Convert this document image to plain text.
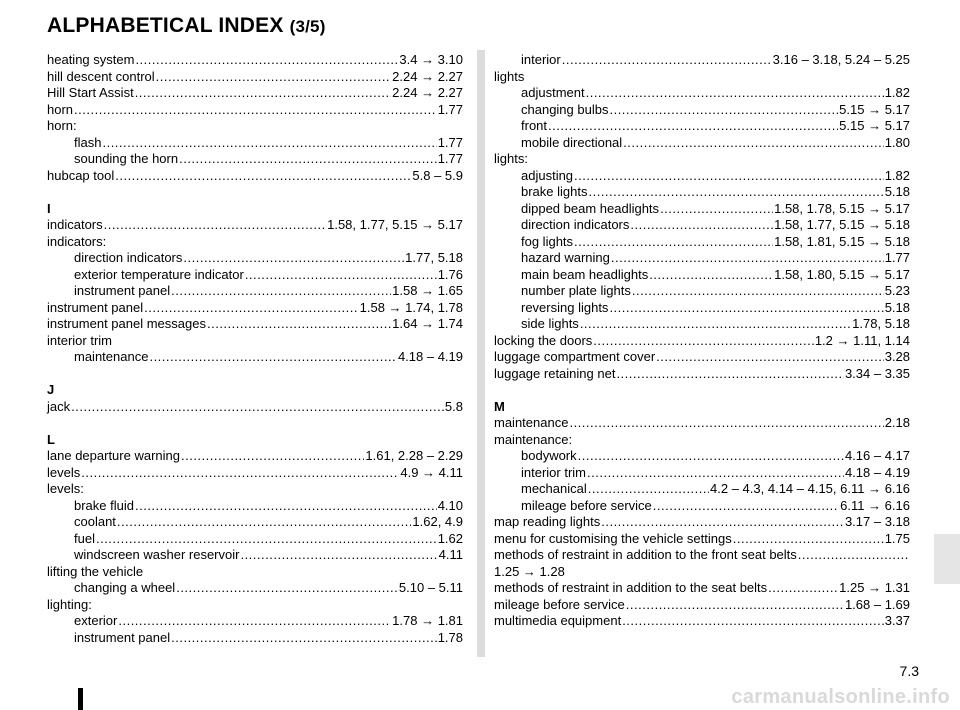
ALPHABETICAL INDEX (3/5)
heating system .....	3.4 → 3.10
hill descent control .....	2.24 → 2.27
Hill Start Assist .....	2.24 → 2.27
horn .....	1.77
horn:
flash .....	1.77
sounding the horn .....	1.77
hubcap tool .....	5.8 – 5.9
I
indicators .....	1.58, 1.77, 5.15 → 5.17
indicators:
direction indicators .....	1.77, 5.18
exterior temperature indicator .....	1.76
instrument panel .....	1.58 → 1.65
instrument panel .....	1.58 → 1.74, 1.78
instrument panel messages .....	1.64 → 1.74
interior trim
maintenance .....	4.18 – 4.19
J
jack .....	5.8
L
lane departure warning .....	1.61, 2.28 – 2.29
levels .....	4.9 → 4.11
levels:
brake fluid .....	4.10
coolant .....	1.62, 4.9
fuel .....	1.62
windscreen washer reservoir .....	4.11
lifting the vehicle
changing a wheel .....	5.10 – 5.11
lighting:
exterior .....	1.78 → 1.81
instrument panel .....	1.78
interior .....	3.16 – 3.18, 5.24 – 5.25
lights
adjustment .....	1.82
changing bulbs .....	5.15 → 5.17
front .....	5.15 → 5.17
mobile directional .....	1.80
lights:
adjusting .....	1.82
brake lights .....	5.18
dipped beam headlights .....	1.58, 1.78, 5.15 → 5.17
direction indicators .....	1.58, 1.77, 5.15 → 5.18
fog lights .....	1.58, 1.81, 5.15 → 5.18
hazard warning .....	1.77
main beam headlights .....	1.58, 1.80, 5.15 → 5.17
number plate lights .....	5.23
reversing lights .....	5.18
side lights .....	1.78, 5.18
locking the doors .....	1.2 → 1.11, 1.14
luggage compartment cover .....	3.28
luggage retaining net .....	3.34 – 3.35
M
maintenance .....	2.18
maintenance:
bodywork .....	4.16 – 4.17
interior trim .....	4.18 – 4.19
mechanical .....	4.2 – 4.3, 4.14 – 4.15, 6.11 → 6.16
mileage before service .....	6.11 → 6.16
map reading lights .....	3.17 – 3.18
menu for customising the vehicle settings .....	1.75
methods of restraint in addition to the front seat belts
.....
1.25 → 1.28
methods of restraint in addition to the seat belts .....	1.25 → 1.31
mileage before service .....	1.68 – 1.69
multimedia equipment .....	3.37
7.3
carmanualsonline.info
